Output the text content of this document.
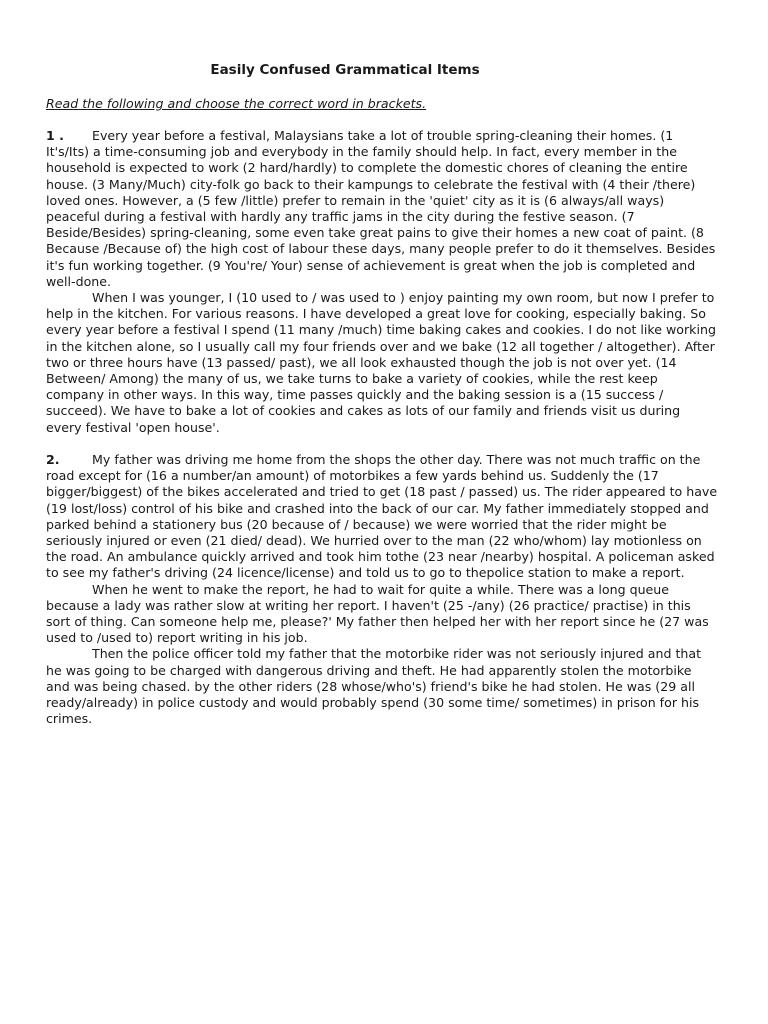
Easily Confused Grammatical Items
Read the following and choose the correct word in brackets.

1 . Every year before a festival, Malaysians take a lot of trouble spring-cleaning their homes. (1 It's/Its) a time-consuming job and everybody in the family should help. In fact, every member in the household is expected to work (2 hard/hardly) to complete the domestic chores of cleaning the entire house. (3 Many/Much) city-folk go back to their kampungs to celebrate the festival with (4 their /there) loved ones. However, a (5 few /little) prefer to remain in the 'quiet' city as it is (6 always/all ways) peaceful during a festival with hardly any traffic jams in the city during the festive season. (7 Beside/Besides) spring-cleaning, some even take great pains to give their homes a new coat of paint. (8 Because /Because of) the high cost of labour these days, many people prefer to do it themselves. Besides it's fun working together. (9 You're/ Your) sense of achievement is great when the job is completed and well-done.

When I was younger, I (10 used to / was used to ) enjoy painting my own room, but now I prefer to help in the kitchen. For various reasons. I have developed a great love for cooking, especially baking. So every year before a festival I spend (11 many /much) time baking cakes and cookies. I do not like working in the kitchen alone, so I usually call my four friends over and we bake (12 all together / altogether). After two or three hours have (13 passed/ past), we all look exhausted though the job is not over yet. (14 Between/ Among) the many of us, we take turns to bake a variety of cookies, while the rest keep company in other ways. In this way, time passes quickly and the baking session is a (15 success / succeed). We have to bake a lot of cookies and cakes as lots of our family and friends visit us during every festival 'open house'.

2.	My father was driving me home from the shops the other day. There was not much traffic on the road except for (16 a number/an amount) of motorbikes a few yards behind us. Suddenly the (17 bigger/biggest) of the bikes accelerated and tried to get (18 past / passed) us. The rider appeared to have (19 lost/loss) control of his bike and crashed into the back of our car. My father immediately stopped and parked behind a stationery bus (20 because of / because) we were worried that the rider might be seriously injured or even (21 died/ dead). We hurried over to the man (22 who/whom) lay motionless on the road. An ambulance quickly arrived and took him tothe (23 near /nearby) hospital. A policeman asked to see my father's driving (24 licence/license) and told us to go to thepolice station to make a report.

When he went to make the report, he had to wait for quite a while. There was a long queue because a lady was rather slow at writing her report. I haven't (25 -/any) (26 practice/ practise) in this sort of thing. Can someone help me, please?' My father then helped her with her report since he (27 was used to /used to) report writing in his job.

Then the police officer told my father that the motorbike rider was not seriously injured and that he was going to be charged with dangerous driving and theft. He had apparently stolen the motorbike and was being chased. by the other riders (28 whose/who's) friend's bike he had stolen. He was (29 all ready/already) in police custody and would probably spend (30 some time/ sometimes) in prison for his crimes.
